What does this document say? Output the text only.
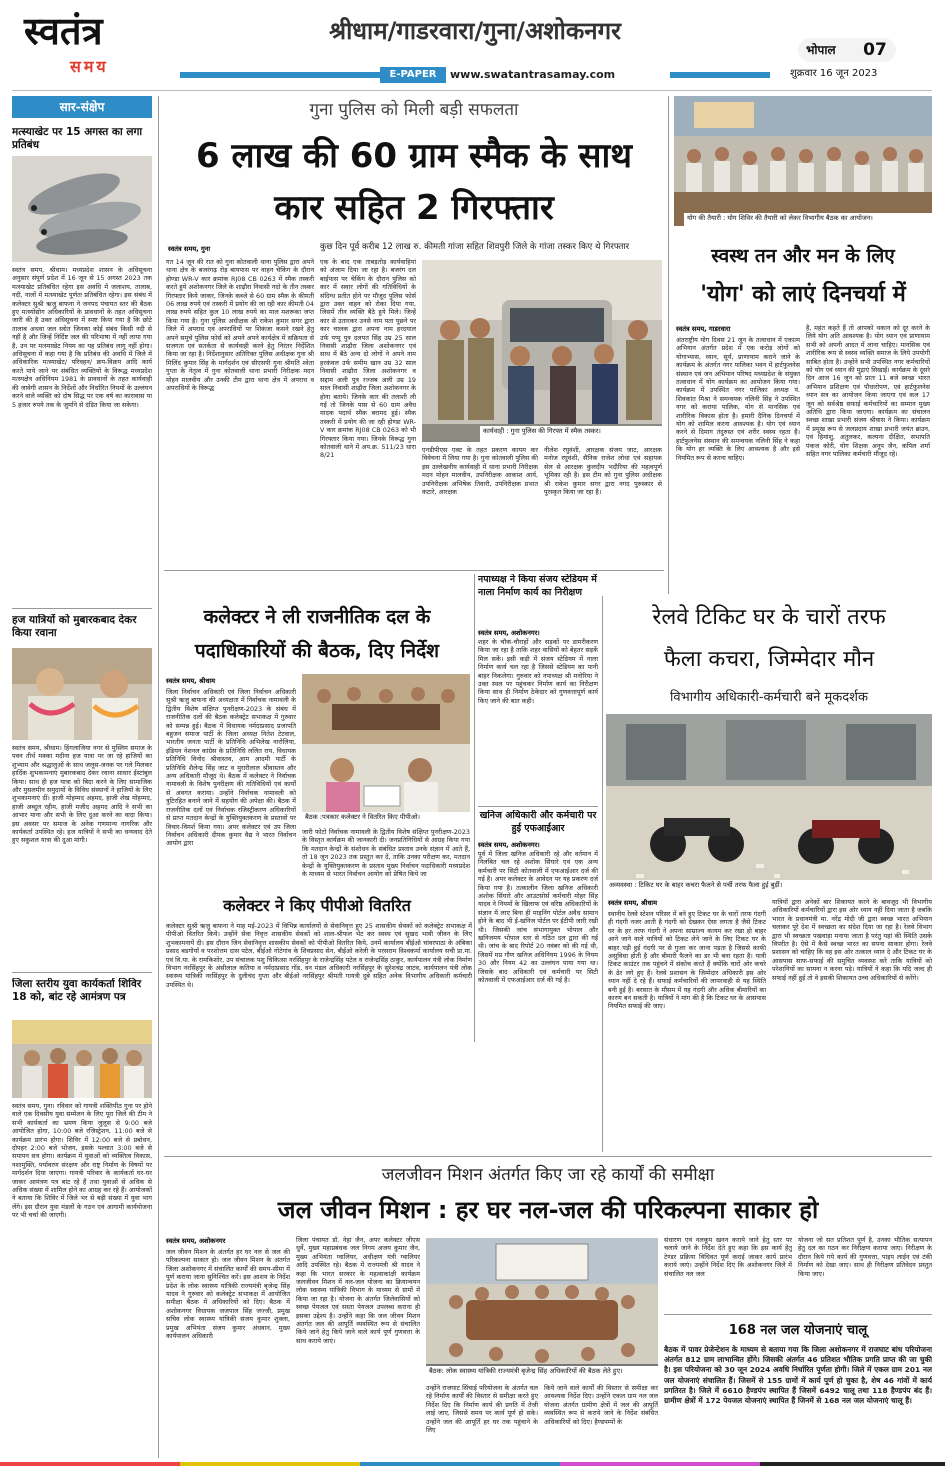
स्वतंत्र
समय
श्रीधाम/गाडरवारा/गुना/अशोकनगर
E-PAPER	www.swatantrasamay.com
भोपाल	07
शुक्रवार 16 जून 2023
सार-संक्षेप
मत्स्याखेट पर 15 अगस्त का लगा प्रतिबंध
स्वतंत्र समय, श्रीधाम। मध्यप्रदेश शासन के अधिसूचना अनुसार संपूर्ण प्रदेश में 16 जून से 15 अगस्त 2023 तक मत्स्याखेट प्रतिबंधित रहेगा इस अवधि में जलाशय, तालाब, नदी, नालों में मत्स्याखेट पूर्णतः प्रतिबंधित रहेगा। इस संबंध में कलेक्टर सुश्री ऋजु बाफना ने जनपद पंचायत स्तर की बैठक हुए मत्स्योद्योग अधिकारियों के प्रावधानों के तहत अधिसूचना जारी की है उक्त अधिसूचना में स्पष्ट किया गया है कि छोटे तालाब अथवा जल स्त्रोत जिनका कोई संबंध किसी नदी से नहीं है और जिन्हें निर्दिष्ट जल की परिभाषा में नहीं लाया गया है, उन पर मत्स्याखेट नियम का यह प्रतिबंध लागू नहीं होगा। अधिसूचना में कहा गया है कि प्रतिबंध की अवधि में जिले में अधिकारिक मत्स्याखेट/ परिवहन/ क्रय-विक्रय आदि कार्य करते पाये जाने पर संबंधित व्यक्तियों के विरूद्ध मध्यप्रदेश मत्स्यक्षेत्र अधिनियम 1981 के प्रावधानों के तहत कार्यवाही की जावेगी शासन के निर्देशों और निर्धारित नियमों के उल्लंघन करने वाले व्यक्ति को दोष सिद्ध पर एक वर्ष का कारावास या 5 हजार रुपये तक के जुर्माने से दंडित किया जा सकेगा।
हज यात्रियों को मुबारकबाद देकर किया रवाना
स्वतंत्र समय, श्रीधाम। हिंगलाजिया नगर से मुस्लिम समाज के पवन तीर्थ मक्का मदीना हज यात्रा पर जा रहे हाजियों का शुभ्याम और श्रद्धालुओं के साथ जलूस-जनक पर गले मिलकर हार्दिक शुभकामनाएं मुबारकबाद देकर रवाना साधार ईस्टांबुल किया। साथ ही हज यात्रा को बिदा करने के लिए सामाजिक और मुसलमीन समुदायों के विविध संस्थानों ने हाजियों के लिए शुभकामनाएं दीं। हाजी मोहम्मद अहमद, हाजी शेख मोहम्मद, हाजी अब्दुल रहीम, हाजी मजीद अहमद आदि ने सभी का आभार माना और सभी के लिए दुआ करने का वादा किया। इस अवसर पर समाज के अनेक गणमान्य नागरिक और कार्यकर्ता उपस्थित रहे। हज यात्रियों ने सभी का धन्यवाद देते हुए सकुशल यात्रा की दुआ मांगी।
जिला स्तरीय युवा कार्यकर्ता शिविर 18 को, बांट रहे आमंत्रण पत्र
स्वतंत्र समय, गुना। रविवार को गायत्री शक्तिपीठ गुना पर होने वाले एक दिवसीय युवा सम्मेलन के लिए पूरा जिले की टीम ने सभी कार्यकर्ता का भ्रमण किया जुलूस से 9:00 बजे आयोजित होगा, 10:00 बजे रजिस्ट्रेशन, 11:00 बजे से कार्यक्रम प्रारंभ होगा। शिविर में 12:00 बजे से प्रबोधन, दोपहर 2:00 बजे भोजन, इसके पश्चात 3:00 बजे से समापन सत्र होगा। कार्यक्रम में युवाओं को व्यक्तित्व विकास, नशामुक्ति, पर्यावरण संरक्षण और राष्ट्र निर्माण के विषयों पर मार्गदर्शन दिया जाएगा। गायत्री परिवार के कार्यकर्ता घर-घर जाकर आमंत्रण पत्र बांट रहे हैं तथा युवाओं से अधिक से अधिक संख्या में शामिल होने का आग्रह कर रहे हैं। आयोजकों ने बताया कि शिविर में जिले भर से बड़ी संख्या में युवा भाग लेंगे। इस दौरान युवा मंडलों के गठन एवं आगामी कार्ययोजना पर भी चर्चा की जाएगी।
गुना पुलिस को मिली बड़ी सफलता
6 लाख की 60 ग्राम स्मैक के साथ कार सहित 2 गिरफ्तार
स्वतंत्र समय, गुना	कुछ दिन पूर्व करीब 12 लाख रु. कीमती गांजा सहित शिवपुरी जिले के गांजा तस्कर किए थे गिरफ्तार
गत 14 जून की रात को गुना कोतवाली थाना पुलिस द्वारा अपने थाना क्षेत्र के बजरंगढ़ रोड़ बायपास पर वाहन चेकिंग के दौरान होण्डा WR-V कार क्रमांक RJ08 CB 0263 में स्मैक तस्करी करते हुये अशोकनगर जिले के शाढ़ौरा निवासी नदो के तीन तस्कर गिरफ्तार किये जाकर, जिनके कब्जे से 60 ग्राम स्मैक के कीमती 06 लाख रुपये एवं तस्करी में प्रयोग की जा रही कार कीमती 04 लाख रुपये सहित कुल 10 लाख रुपये का माल मशरूका जप्त किया गया है। गुना पुलिस अधीक्षक श्री राकेश कुमार सगर द्वारा जिले में अपराध एवं अपराधियों पर शिकंजा कसने रखने हेतु अपने समूचे पुलिस फोर्स को अपने अपने कार्यक्षेत्र में सक्रियता से सजगता एवं सतर्कता से कार्यवाही करने हेतु निरंतर निर्देशित किया जा रहा है। निर्देशानुसार अतिरिक्त पुलिस अधीक्षक गुना श्री मिलिंद कुमार सिंह के मार्गदर्शन एवं सीएसपी गुना श्रीमति श्वेता गुप्ता के नेतृत्व में गुना कोतवाली थाना प्रभारी निरीक्षक मदन मोहन मालवीय और उनकी टीम द्वारा थाना क्षेत्र में अपराध व अपराधियों के विरूद्ध
एक के बाद एक ताबड़तोड़ कार्यवाहियां को अंजाम दिया जा रहा है। बजरंग दल बाईपास पर चेकिंग के दौरान पुलिस को कार में सवार लोगों की गतिविधियों के संदिग्ध प्रतीत होने पर मौजूद पुलिस फोर्स द्वारा उक्त वाहन को रोका दिया गया, जिसमें तीन व्यक्ति बैठे हुये मिले। जिन्हें कार से उतारकर उनसे नाम पता पूछने पर कार चालक द्वारा अपना नाम हरदयाल उर्फ पप्पू पुत्र दलपत सिंह उम्र 25 साल निवासी शाढ़ौरा जिला अशोकनगर एवं साथ में बैठे अन्य दो लोगों ने अपने नाम हरकंवल उर्फ समीम खान उम्र 32 साल निवासी शाढ़ौरा जिला अशोकनगर व सद्दाम अली पुत्र रज्जब अली उम्र 19 साल निवासी शाढ़ौरा जिला अशोकनगर के होना बताये। जिनके कार की तलाशी ली गई तो जिनके पास से 60 ग्राम अवैध मादक पदार्थ स्मैक बरामद हुई। स्मैक तस्करी में प्रयोग की जा रही होण्डा WR-V कार क्रमांक RJ08 CB 0263 को भी गिरफ्तार किया गया। जिनके विरूद्ध गुना कोतवाली थाने में अप.क्र. 511/23 धारा 8/21
कार्यवाही : गुना पुलिस की गिरफ्त में स्मैक तस्कर।
एनडीपीएस एक्ट के तहत प्रकरण कायम कर विवेचना में लिया गया है। गुना कोतवाली पुलिस की इस उल्लेखनीय कार्यवाही में थाना प्रभारी निरीक्षक मदन मोहन मालवीय, उपनिरीक्षक आकाश आर्य, उपनिरीक्षक अभिषेक तिवारी, उपनिरीक्षक प्रभात कटारे, आरक्षक
नीलेश रघुवंशी, आरक्षक संजय जाट, आरक्षक मनोज रघुवंशी, सैनिक राजेश लोधा एवं सहायक सेल से आरक्षक कुलदीप भदौरिया की महत्वपूर्ण भूमिका रही है। इस टीम को गुना पुलिस अधीक्षक श्री राकेश कुमार सगर द्वारा नगद पुरुस्कार से पुरस्कृत किया जा रहा है।
योग की तैयारी : योग शिविर की तैयारी को लेकर विभागीय बैठक का आयोजन।
स्वस्थ तन और मन के लिए
'योग' को लाएं दिनचर्या में
स्वतंत्र समय, गाडरवारा
अंतराष्ट्रीय योग दिवस 21 जून के तत्वाधान में एकात्म अभियान अंतर्गत प्रदेश में एक करोड़ लोगों को योगाभ्यास, ध्यान, सूर्य, प्राणायाम कराने जाने के कार्यक्रम के अंतर्गत नगर पालिका भवन में हार्टफुलनेस संस्थान एवं जन अभियान परिषद मध्यप्रदेश के संयुक्त तत्वाधान में योग कार्यक्रम का आयोजन किया गया। कार्यक्रम में उपस्थित नगर पालिका अध्यक्ष पं. शिवकांत मिश्रा ने समन्वयक नलिनी सिंह ने उपस्थित नगर को कराया पालिक, योग से मानसिक एवं शारीरिक विकास होता है। हमारी दैनिक दिनचर्या में योग को शामिल करना आवश्यक है। योग एवं ध्यान करने से दिमाग तंदुरुस्त एवं शरीर स्वस्थ रहता है। हार्टफुलनेस संस्थान की समन्वयक नलिनी सिंह ने कहा कि योग हर व्यक्ति के लिए आवश्यक है और इसे नियमित रूप से करना चाहिए।
है, महंत कहते हैं तो आपको थकान को दूर करने के लिये योग अति आवश्यक है। योग ध्यान एवं प्राणायाम सभी को अपनी आदत में लाना चाहिए। मानसिक एवं शारीरिक रूप से स्वस्थ व्यक्ति समाज के लिये उपयोगी साबित होता है। उन्होंने सभी उपस्थित नगर कर्मचारियों को योग एवं ध्यान की मुद्राएं सिखाईं। कार्यक्रम के दूसरे दिन आज 16 जून को प्रातः 11 बजे स्वच्छ भारत अभियान प्रशिक्षण एवं पौधारोपण, एवं हार्टफुलनेस ध्यान सत्र का आयोजन किया जाएगा एवं कल 17 जून को सर्वश्रेष्ठ सफाई कर्मचारियों का सम्मान मुख्य अतिथि द्वारा किया जाएगा। कार्यक्रम का संचालन स्वच्छ शाखा प्रभारी संजय श्रीवास ने किया। कार्यक्रम में प्रमुख रूप से जलप्रदाय शाखा प्रभारी जयंत ब्राउन, एवं हिमांशु, अतुलकर, कल्पना दीक्षित, सभापति पंकज कोरी, योग शिक्षक अनूप जैन, कपिल शर्मा सहित नगर पालिका कर्मचारी मौजूद रहे।
कलेक्टर ने ली राजनीतिक दल के
पदाधिकारियों की बैठक, दिए निर्देश
स्वतंत्र समय, श्रीधाम
जिला निर्वाचन अधिकारी एवं जिला निर्वाचन अधिकारी सुश्री ऋजु बाफना की अध्यक्षता में निर्वाचक नामावली के द्वितीय विशेष संक्षिप्त पुनरीक्षण-2023 के संबंध में राजनीतिक दलों की बैठक कलेक्ट्रेट सभाकक्ष में गुरुवार को सम्पन्न हुई। बैठक में विधायक नर्मदाप्रसाद प्रजापति बहुजन समाज पार्टी के जिला अध्यक्ष नितेश टेटवाल, भारतीय जनता पार्टी के प्रतिनिधि अभिलेख नारोलिया, इंडियन नेशनल कांग्रेस के प्रतिनिधि ललित राय, विधायक प्रतिनिधि विनोद श्रीवास्तव, आम आदमी पार्टी के प्रतिनिधि शैलेन्द्र सिंह जाट व मुरारीलाल श्रीवास्तव और अन्य अधिकारी मौजूद थे। बैठक में कलेक्टर ने निर्वाचक नामावली के विशेष पुनरीक्षण की गतिविधियों एवं कार्यों से अवगत कराया। उन्होंने निर्वाचक नामावली को त्रुटिरहित बनाने जाने में सहयोग की अपेक्षा की। बैठक में राजनीतिक दलों एवं निर्वाचक रजिस्ट्रीकरण अधिकारियों से प्राप्त मतदान केन्द्रों के युक्तियुक्तकरण के प्रस्तावों पर विचार-विमर्श किया गया। अपर कलेक्टर एवं उप जिला निर्वाचन अधिकारी दीपक कुमार वैद्य ने भारत निर्वाचन आयोग द्वारा
बैठक :पत्रकार कलेक्टर ने वितरित किए पीपीओ।
जारी फोटो निर्वाचक नामावली के द्वितीय विशेष संक्षिप्त पुनरीक्षण-2023 के विस्तृत कार्यक्रम की जानकारी दी। जनप्रतिनिधियों से आग्रह किया गया कि मतदान केन्द्रों के संशोधन के संबंधित प्रस्ताव उनके संज्ञान में आते हैं, तो 18 जून 2023 तक प्रस्तुत कर दें, ताकि उनका परीक्षण कर, मतदान केन्द्रों के युक्तियुक्तकरण के प्रस्ताव मुख्य निर्वाचन पदाधिकारी मध्यप्रदेश के माध्यम से भारत निर्वाचन आयोग को प्रेषित किये जा
कलेक्टर ने किए पीपीओ वितरित
कलेक्टर सुश्री ऋजु बाफना ने माह मई-2023 में विभिन्न कार्यालयों से सेवानिवृत्त हुए 25 शासकीय सेवकों को कलेक्ट्रेट सभाकक्ष में पीपीओ वितरित किये। उन्होंने सेवा निवृत्त शासकीय सेवकों को शाल-श्रीफल भेंट कर स्वस्थ एवं सुखद भावी जीवन के लिए शुभकामनायें दी। इस दौरान जिन सेवानिवृत्त शासकीय सेवकों को पीपीओ वितरित किये, उनमें कार्यालय बीईओ चांवरपाठा के अंबिका प्रसाद बडगोयाँ व परशोत्तम दास पटेल, बीईओ गोटेगांव के शिवप्रसाद सेन, बीईओ करेली के परसराम विश्वकर्मा कार्यालय सची प्रा.मा. एवं वि.या. के रामकिशोर, उप संचालक पशु चिकित्सा नरसिंहपुर के राजेन्द्रसिंह पटेल व राजेन्द्रसिंह ठाकुर, कार्यपालन यंत्री लोक निर्माण विभाग नरसिंहपुर के अंसीलाल कतिया व नर्मदाप्रसाद गोंड, वन मंडल अधिकारी नरसिंहपुर के सुरेशचंद्र जाटव, कार्यपालन यंत्री लोक स्वास्थ्य यांत्रिकी नरसिंहपुर के दुलीचंद गुप्ता और बीईओ नरसिंहपुर श्रीमती गायत्री दुबे सहित अनेक विभागीय अधिकारी कर्मचारी उपस्थित थे।
नपाध्यक्ष ने किया संजय स्टेडियम में नाला निर्माण कार्य का निरीक्षण
स्वतंत्र समय, अशोकनगर।
शहर के चौक-चौराहों और सड़कों पर डामरीकरण किया जा रहा है ताकि शहर वासियों को बेहतर सड़कें मिल सकें। इसी कड़ी में संजय स्टेडियम में नाला निर्माण कार्य चल रहा है जिससे स्टेडियम का पानी बाहर निकलेगा। गुरुवार को नपाध्यक्ष श्री मनोरिया ने उक्त स्थल पर पहुंचकर निर्माण कार्य का निरीक्षण किया साथ ही निर्माण ठेकेदार को गुणवत्तापूर्ण कार्य किए जाने की बात कही।
खनिज अधिकारी और कर्मचारी पर हुई एफआईआर
स्वतंत्र समय, अशोकनगर।
पूर्व में जिला खनिज अधिकारी रहे और वर्तमान में निलंबित चल रहे अशोक सिंघारे एवं एक अन्य कर्मचारी पर सिटी कोतवाली में एफआईआर दर्ज की गई है। अपर कलेक्टर के आवेदन पर यह प्रकरण दर्ज किया गया है। तत्कालीन जिला खनिज अधिकारी अशोक सिंघारे और आउटसोर्स कर्मचारी मोहर सिंह यादव ने नियमों के खिलाफ एवं वरिष्ठ अधिकारियों के संज्ञान में लाए बिना ही माइनिंग पोर्टल अवैध सामान होने के बाद भी ई-खनिज पोर्टल पर ईटीपी जारी रखी थी। जिसकी जांच संभागायुक्त भोपाल और खनिजमय भोपाल स्तर से गठित दल द्वारा की गई थी। जांच के बाद रिपोर्ट 20 नवंबर को की गई थी, जिसमें मप्र गौण खनिज अधिनियम 1996 के नियम 30 और नियम 42 का उल्लंघन पाया गया था। जिसके बाद अधिकारी एवं कर्मचारी पर सिटी कोतवाली में एफआईआर दर्ज की गई है।
रेलवे टिकिट घर के चारों तरफ
फैला कचरा, जिम्मेदार मौन
विभागीय अधिकारी-कर्मचारी बने मूकदर्शक
अव्यवस्था : टिकिट घर के बाहर कचरा फैलने से पर्ची तरफ फैला हुई बुर्ड़ी।
स्वतंत्र समय, श्रीधाम
स्थानीय रेलवे स्टेशन परिसर में बने हुए टिकट घर के चारों तरफ गंदगी ही गंदगी नजर आती है गंदगी को देखकर ऐसा लगता है जैसे टिकट घर के हर तरफ गंदगी ने अपना साम्राज्य कायम कर रखा हो बाहर आने जाने वाले यात्रियों को टिकट लेने जाने के लिए टिकट घर के बाहर पड़ी हुई गंदगी पर से गुजर कर जाना पड़ता है जिससे काफी असुविधा होती है और बीमारी फैलने का डर भी बना रहता है। यात्री टिकट काउंटर तक पहुंचने में संकोच करते हैं क्योंकि चारों ओर कचरे के ढेर लगे हुए हैं। रेलवे प्रशासन के जिम्मेदार अधिकारी इस ओर ध्यान नहीं दे रहे हैं। सफाई कर्मचारियों की लापरवाही से यह स्थिति बनी हुई है। बरसात के मौसम में यह गंदगी और अधिक बीमारियों का कारण बन सकती है। यात्रियों ने मांग की है कि टिकट घर के आसपास नियमित सफाई की जाए।
यात्रियों द्वारा अनेकों बार शिकायत करने के बावजूद भी विभागीय अधिकारियों कर्मचारियों द्वारा इस ओर ध्यान नहीं दिया जाता है जबकि भारत के प्रधानमंत्री मा. नरेंद्र मोदी जी द्वारा स्वच्छ भारत अभियान चलाकर पूरे देश में स्वच्छता का संदेश दिया जा रहा है। रेलवे विभाग द्वारा भी स्वच्छता पखवाड़ा मनाया जाता है परंतु यहां की स्थिति उसके विपरीत है। ऐसे में कैसे स्वच्छ भारत का सपना साकार होगा। रेलवे प्रशासन को चाहिए कि वह इस ओर तत्काल ध्यान दे और टिकट घर के आसपास साफ-सफाई की समुचित व्यवस्था करे ताकि यात्रियों को परेशानियों का सामना न करना पड़े। यात्रियों ने कहा कि यदि जल्द ही सफाई नहीं हुई तो वे इसकी शिकायत उच्च अधिकारियों से करेंगे।
जलजीवन मिशन अंतर्गत किए जा रहे कार्यों की समीक्षा
जल जीवन मिशन : हर घर नल-जल की परिकल्पना साकार हो
स्वतंत्र समय, अशोकनगर
जल जीवन मिशन के अंतर्गत हर घर नल से जल की परिकल्पना साकार हो। जल जीवन मिशन के अंतर्गत जिला अशोकनगर में संचालित कार्यों की समय-सीमा में पूर्ण कराया जाना सुनिश्चित करें। इस आशय के निर्देश प्रदेश के लोक स्वास्थ्य यांत्रिकी राज्यमंत्री बृजेन्द्र सिंह यादव ने गुरुवार को कलेक्ट्रेट सभाकक्ष में आयोजित समीक्षा बैठक में अधिकारियों को दिए। बैठक में अशोकनगर विधायक जजपाल सिंह जज्जी, प्रमुख सचिव लोक स्वास्थ्य यांत्रिकी संजय कुमार शुक्ला, प्रमुख अभियंता संजय कुमार अंधवान, मुख्य कार्यपालन अधिकारी
जिला पंचायत डॉ. नेहा जैन, अपर कलेक्टर जीएस धुर्वे, मुख्य महाप्रबंधक जल निगम अजय कुमार जैन, मुख्य अभियंता ग्वालियर, अधीक्षण यंत्री ग्वालियर आदि उपस्थित रहे। बैठक में राज्यमंत्री श्री यादव ने कहा कि भारत सरकार के महत्वाकांक्षी कार्यक्रम जलजीवन मिशन में नल-जल योजना का क्रियान्वयन लोक स्वास्थ्य यांत्रिकी विभाग के माध्यम से ग्रामों में किया जा रहा है। योजना के अंतर्गत जिलेवासियों को स्वच्छ पेयजल एवं सस्ता पेयजल उपलब्ध कराना ही इसका उद्देश्य है। उन्होंने कहा कि जल जीवन मिशन अंतर्गत जल की आपूर्ति व्यवस्थित रूप से संचालित किये जाने हेतु किये जाने वाले कार्य पूर्ण गुणवत्ता के साथ कराये जाएं।
बैठक: लोक स्वास्थ्य यांत्रिकी राज्यमंत्री बृजेन्द्र सिंह अधिकारियों की बैठक लेते हुए।
उन्होंने राजघाट सिंचाई परियोजना के अंतर्गत चल रहे निर्माण कार्यों की विस्तार से समीक्षा करते हुए निर्देश दिए कि निर्माण कार्य की प्रगति में तेजी लाई जाए, जिससे समय पर कार्य पूर्ण हो सके। उन्होंने जल की आपूर्ति हर घर तक पहुंचाने के लिए
किये जाने वाले कार्यों की विस्तार से समीक्षा कर आवश्यक निर्देश दिए। उन्होंने एकल ग्राम नल जल योजना अंतर्गत ग्रामीण क्षेत्रों में जल की आपूर्ति व्यवस्थित रूप से कराये जाने के निर्देश संबंधित अधिकारियों को दिए। हैण्डपम्पों के
संधारण एवं नलकूप खनन कराये जाने हेतु स्तर पर चलाये जाने के निर्देश देते हुए कहा कि इस कार्य हेतु टेण्डर प्रक्रिया विधिवत पूर्ण कराई जाकर कार्य प्रारंभ कराये जाएं। उन्होंने निर्देश दिए कि अशोकनगर जिले में संचालित नल जल
योजना जो सत प्रतिशत पूर्ण है, उनका भौतिक सत्यापन हेतु दल का गठन कर निरीक्षण कराया जाए। निरीक्षण के दौरान किये गये कार्य की गुणवत्ता, पाइप लाईन एवं टंकी निर्माण को देखा जाए। साथ ही निरीक्षण प्रतिवेदन प्रस्तुत किया जाए।
168 नल जल योजनाएं चालू
बैठक में पावर प्रेजेन्टेशन के माध्यम से बताया गया कि जिला अशोकनगर में राजघाट बांध परियोजना अंतर्गत 812 ग्राम लाभान्वित होंगे। जिसकी अंतर्गत 46 प्रतिशत भौतिक प्रगति प्राप्त की जा चुकी है। इस परियोजना को 30 जून 2024 अवधि निर्धारित पूर्णता होगी। जिले में एकल ग्राम 201 नल जल योजनाएं संचालित हैं। जिसमें से 155 ग्रामों में कार्य पूर्ण हो चुका है, शेष 46 गांवों में कार्य प्रगतिरत है। जिले में 6610 हैण्डपंप स्थापित हैं जिसमें 6492 चालू तथा 118 हैण्डपंप बंद हैं। ग्रामीण क्षेत्रों में 172 पेयजल योजनाएं स्थापित हैं जिनमें से 168 नल जल योजनाएं चालू हैं।
